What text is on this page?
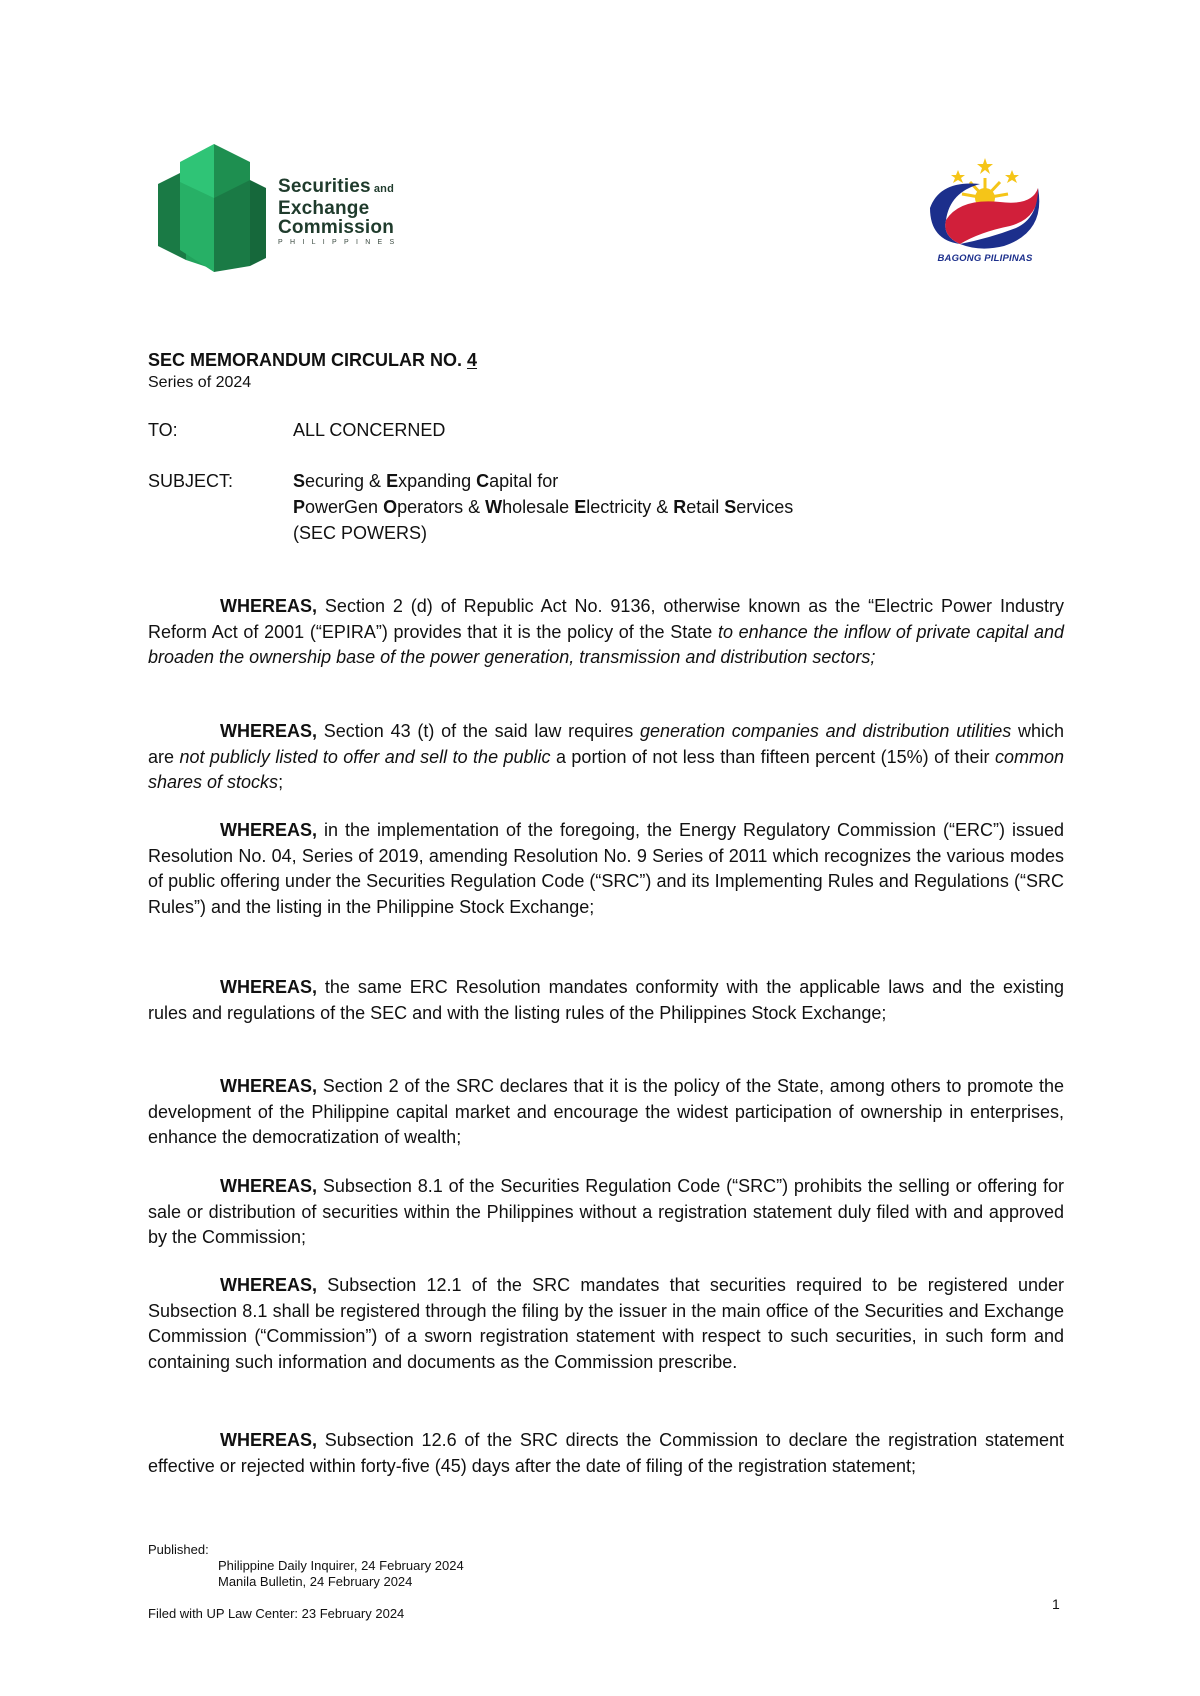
Securities and
Exchange
Commission
PHILIPPINES
BAGONG PILIPINAS
SEC MEMORANDUM CIRCULAR NO. 4
Series of 2024
TO:	ALL CONCERNED
SUBJECT:	Securing & Expanding Capital for
PowerGen Operators & Wholesale Electricity & Retail Services
(SEC POWERS)
WHEREAS, Section 2 (d) of Republic Act No. 9136, otherwise known as the “Electric Power Industry Reform Act of 2001 (“EPIRA”) provides that it is the policy of the State to enhance the inflow of private capital and broaden the ownership base of the power generation, transmission and distribution sectors;
WHEREAS, Section 43 (t) of the said law requires generation companies and distribution utilities which are not publicly listed to offer and sell to the public a portion of not less than fifteen percent (15%) of their common shares of stocks;
WHEREAS, in the implementation of the foregoing, the Energy Regulatory Commission (“ERC”) issued Resolution No. 04, Series of 2019, amending Resolution No. 9 Series of 2011 which recognizes the various modes of public offering under the Securities Regulation Code (“SRC”) and its Implementing Rules and Regulations (“SRC Rules”) and the listing in the Philippine Stock Exchange;
WHEREAS, the same ERC Resolution mandates conformity with the applicable laws and the existing rules and regulations of the SEC and with the listing rules of the Philippines Stock Exchange;
WHEREAS, Section 2 of the SRC declares that it is the policy of the State, among others to promote the development of the Philippine capital market and encourage the widest participation of ownership in enterprises, enhance the democratization of wealth;
WHEREAS, Subsection 8.1 of the Securities Regulation Code (“SRC”) prohibits the selling or offering for sale or distribution of securities within the Philippines without a registration statement duly filed with and approved by the Commission;
WHEREAS, Subsection 12.1 of the SRC mandates that securities required to be registered under Subsection 8.1 shall be registered through the filing by the issuer in the main office of the Securities and Exchange Commission (“Commission”) of a sworn registration statement with respect to such securities, in such form and containing such information and documents as the Commission prescribe.
WHEREAS, Subsection 12.6 of the SRC directs the Commission to declare the registration statement effective or rejected within forty-five (45) days after the date of filing of the registration statement;
Published:
Philippine Daily Inquirer, 24 February 2024
Manila Bulletin, 24 February 2024
1
Filed with UP Law Center: 23 February 2024
